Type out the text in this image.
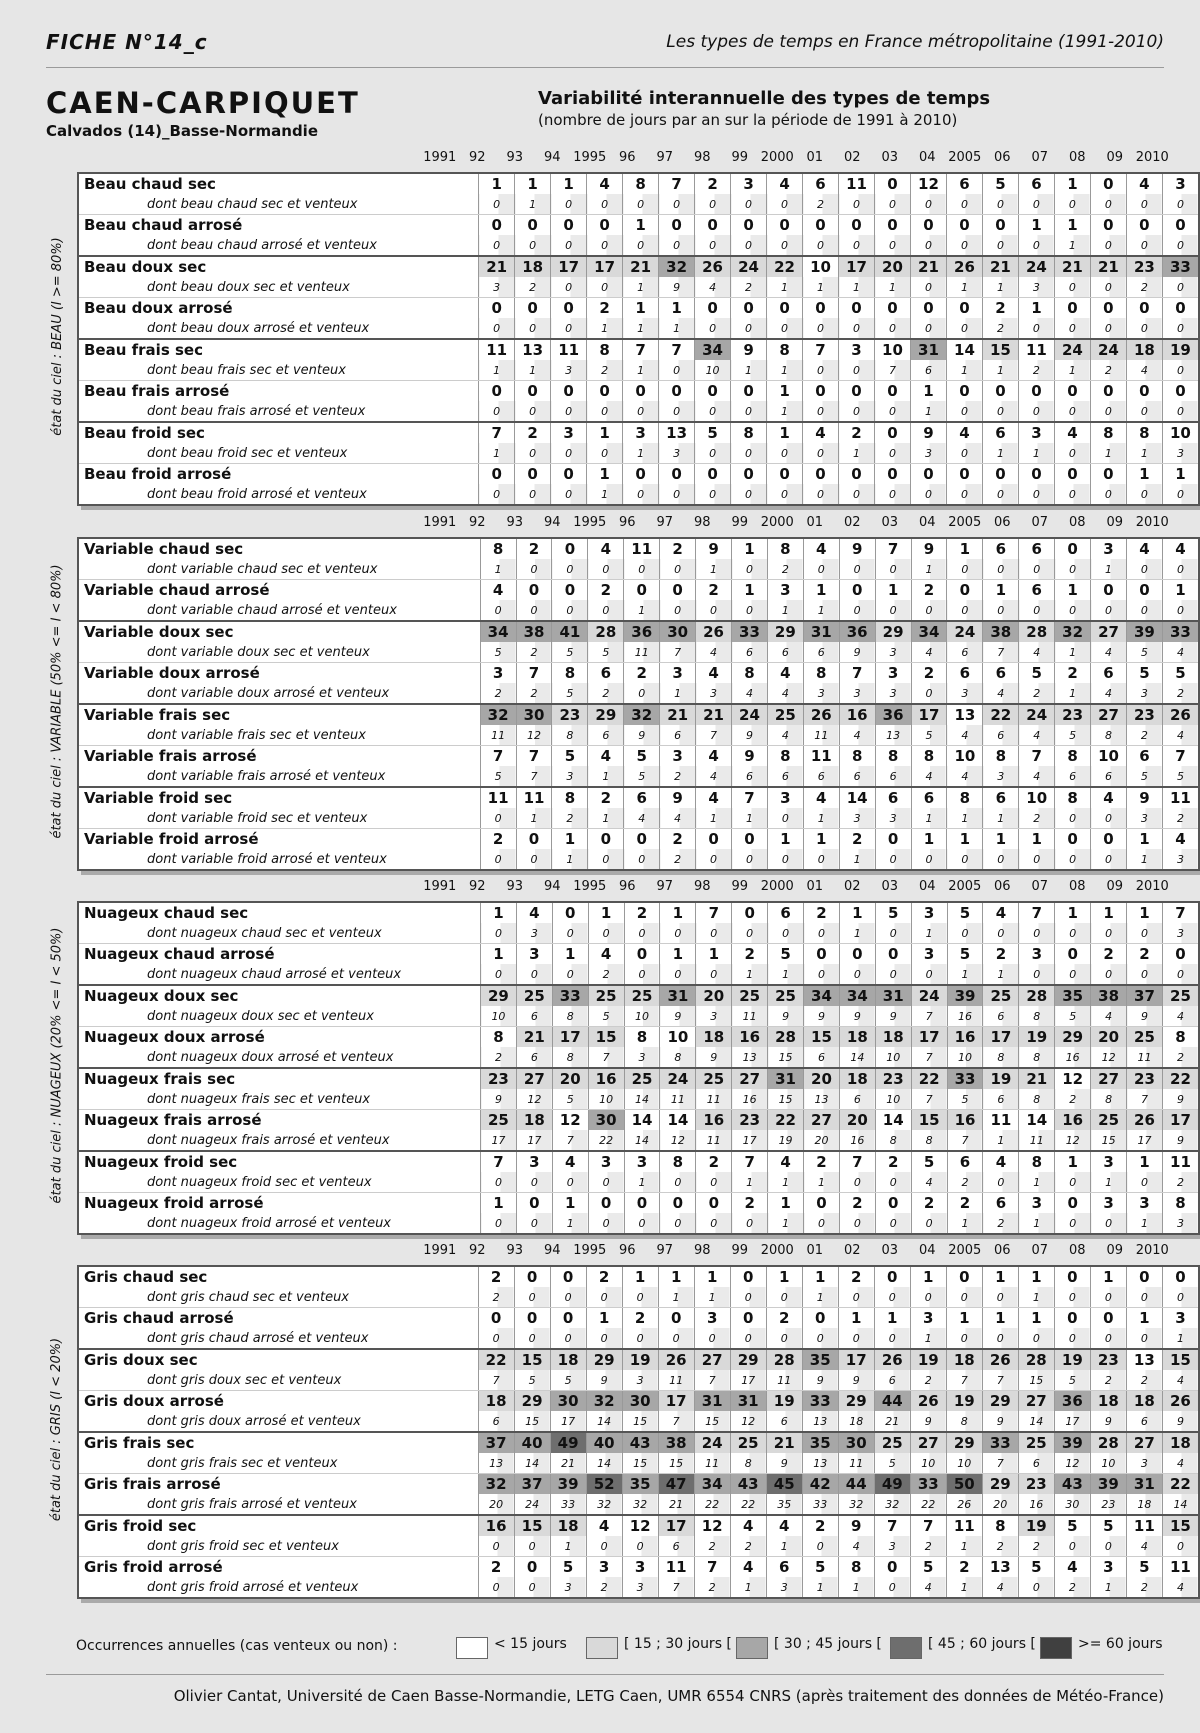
FICHE N°14_c	Les types de temps en France métropolitaine (1991-2010)
CAEN-CARPIQUET
Calvados (14)_Basse-Normandie
Variabilité interannuelle des types de temps
(nombre de jours par an sur la période de 1991 à 2010)
1991 92	93	94 1995 96	97	98	99 2000 01	02	03	04 2005 06	07	08	09 2010
état du ciel : BEAU (I >= 80%)
Beau chaud sec	1	1	1	4	8	7	2	3	4	6	11	0	12	6	5	6	1	0	4	3
dont beau chaud sec et venteux	0	1	0	0	0	0	0	0	0	2	0	0	0	0	0	0	0	0	0	0
Beau chaud arrosé	0	0	0	0	1	0	0	0	0	0	0	0	0	0	0	1	1	0	0	0
dont beau chaud arrosé et venteux	0	0	0	0	0	0	0	0	0	0	0	0	0	0	0	0	1	0	0	0
Beau doux sec	21	18	17	17	21	32	26	24	22	10	17	20	21	26	21	24	21	21	23	33
dont beau doux sec et venteux	3	2	0	0	1	9	4	2	1	1	1	1	0	1	1	3	0	0	2	0
Beau doux arrosé	0	0	0	2	1	1	0	0	0	0	0	0	0	0	2	1	0	0	0	0
dont beau doux arrosé et venteux	0	0	0	1	1	1	0	0	0	0	0	0	0	0	2	0	0	0	0	0
Beau frais sec	11	13	11	8	7	7	34	9	8	7	3	10	31	14	15	11	24	24	18	19
dont beau frais sec et venteux	1	1	3	2	1	0	10	1	1	0	0	7	6	1	1	2	1	2	4	0
Beau frais arrosé	0	0	0	0	0	0	0	0	1	0	0	0	1	0	0	0	0	0	0	0
dont beau frais arrosé et venteux	0	0	0	0	0	0	0	0	1	0	0	0	1	0	0	0	0	0	0	0
Beau froid sec	7	2	3	1	3	13	5	8	1	4	2	0	9	4	6	3	4	8	8	10
dont beau froid sec et venteux	1	0	0	0	1	3	0	0	0	0	1	0	3	0	1	1	0	1	1	3
Beau froid arrosé	0	0	0	1	0	0	0	0	0	0	0	0	0	0	0	0	0	0	1	1
dont beau froid arrosé et venteux	0	0	0	1	0	0	0	0	0	0	0	0	0	0	0	0	0	0	0	0
1991 92	93	94 1995 96	97	98	99 2000 01	02	03	04 2005 06	07	08	09 2010
état du ciel : VARIABLE (50% <= I < 80%)
Variable chaud sec	8	2	0	4	11	2	9	1	8	4	9	7	9	1	6	6	0	3	4	4
dont variable chaud sec et venteux	1	0	0	0	0	0	1	0	2	0	0	0	1	0	0	0	0	1	0	0
Variable chaud arrosé	4	0	0	2	0	0	2	1	3	1	0	1	2	0	1	6	1	0	0	1
dont variable chaud arrosé et venteux	0	0	0	0	1	0	0	0	1	1	0	0	0	0	0	0	0	0	0	0
Variable doux sec	34	38	41	28	36	30	26	33	29	31	36	29	34	24	38	28	32	27	39	33
dont variable doux sec et venteux	5	2	5	5	11	7	4	6	6	6	9	3	4	6	7	4	1	4	5	4
Variable doux arrosé	3	7	8	6	2	3	4	8	4	8	7	3	2	6	6	5	2	6	5	5
dont variable doux arrosé et venteux	2	2	5	2	0	1	3	4	4	3	3	3	0	3	4	2	1	4	3	2
Variable frais sec	32	30	23	29	32	21	21	24	25	26	16	36	17	13	22	24	23	27	23	26
dont variable frais sec et venteux	11	12	8	6	9	6	7	9	4	11	4	13	5	4	6	4	5	8	2	4
Variable frais arrosé	7	7	5	4	5	3	4	9	8	11	8	8	8	10	8	7	8	10	6	7
dont variable frais arrosé et venteux	5	7	3	1	5	2	4	6	6	6	6	6	4	4	3	4	6	6	5	5
Variable froid sec	11	11	8	2	6	9	4	7	3	4	14	6	6	8	6	10	8	4	9	11
dont variable froid sec et venteux	0	1	2	1	4	4	1	1	0	1	3	3	1	1	1	2	0	0	3	2
Variable froid arrosé	2	0	1	0	0	2	0	0	1	1	2	0	1	1	1	1	0	0	1	4
dont variable froid arrosé et venteux	0	0	1	0	0	2	0	0	0	0	1	0	0	0	0	0	0	0	1	3
1991 92	93	94 1995 96	97	98	99 2000 01	02	03	04 2005 06	07	08	09 2010
état du ciel : NUAGEUX (20% <= I < 50%)
Nuageux chaud sec	1	4	0	1	2	1	7	0	6	2	1	5	3	5	4	7	1	1	1	7
dont nuageux chaud sec et venteux	0	3	0	0	0	0	0	0	0	0	1	0	1	0	0	0	0	0	0	3
Nuageux chaud arrosé	1	3	1	4	0	1	1	2	5	0	0	0	3	5	2	3	0	2	2	0
dont nuageux chaud arrosé et venteux	0	0	0	2	0	0	0	1	1	0	0	0	0	1	1	0	0	0	0	0
Nuageux doux sec	29	25	33	25	25	31	20	25	25	34	34	31	24	39	25	28	35	38	37	25
dont nuageux doux sec et venteux	10	6	8	5	10	9	3	11	9	9	9	9	7	16	6	8	5	4	9	4
Nuageux doux arrosé	8	21	17	15	8	10	18	16	28	15	18	18	17	16	17	19	29	20	25	8
dont nuageux doux arrosé et venteux	2	6	8	7	3	8	9	13	15	6	14	10	7	10	8	8	16	12	11	2
Nuageux frais sec	23	27	20	16	25	24	25	27	31	20	18	23	22	33	19	21	12	27	23	22
dont nuageux frais sec et venteux	9	12	5	10	14	11	11	16	15	13	6	10	7	5	6	8	2	8	7	9
Nuageux frais arrosé	25	18	12	30	14	14	16	23	22	27	20	14	15	16	11	14	16	25	26	17
dont nuageux frais arrosé et venteux	17	17	7	22	14	12	11	17	19	20	16	8	8	7	1	11	12	15	17	9
Nuageux froid sec	7	3	4	3	3	8	2	7	4	2	7	2	5	6	4	8	1	3	1	11
dont nuageux froid sec et venteux	0	0	0	0	1	0	0	1	1	1	0	0	4	2	0	1	0	1	0	2
Nuageux froid arrosé	1	0	1	0	0	0	0	2	1	0	2	0	2	2	6	3	0	3	3	8
dont nuageux froid arrosé et venteux	0	0	1	0	0	0	0	0	1	0	0	0	0	1	2	1	0	0	1	3
1991 92	93	94 1995 96	97	98	99 2000 01	02	03	04 2005 06	07	08	09 2010
état du ciel : GRIS (I < 20%)
Gris chaud sec	2	0	0	2	1	1	1	0	1	1	2	0	1	0	1	1	0	1	0	0
dont gris chaud sec et venteux	2	0	0	0	0	1	1	0	0	1	0	0	0	0	0	1	0	0	0	0
Gris chaud arrosé	0	0	0	1	2	0	3	0	2	0	1	1	3	1	1	1	0	0	1	3
dont gris chaud arrosé et venteux	0	0	0	0	0	0	0	0	0	0	0	0	1	0	0	0	0	0	0	1
Gris doux sec	22	15	18	29	19	26	27	29	28	35	17	26	19	18	26	28	19	23	13	15
dont gris doux sec et venteux	7	5	5	9	3	11	7	17	11	9	9	6	2	7	7	15	5	2	2	4
Gris doux arrosé	18	29	30	32	30	17	31	31	19	33	29	44	26	19	29	27	36	18	18	26
dont gris doux arrosé et venteux	6	15	17	14	15	7	15	12	6	13	18	21	9	8	9	14	17	9	6	9
Gris frais sec	37	40	49	40	43	38	24	25	21	35	30	25	27	29	33	25	39	28	27	18
dont gris frais sec et venteux	13	14	21	14	15	15	11	8	9	13	11	5	10	10	7	6	12	10	3	4
Gris frais arrosé	32	37	39	52	35	47	34	43	45	42	44	49	33	50	29	23	43	39	31	22
dont gris frais arrosé et venteux	20	24	33	32	32	21	22	22	35	33	32	32	22	26	20	16	30	23	18	14
Gris froid sec	16	15	18	4	12	17	12	4	4	2	9	7	7	11	8	19	5	5	11	15
dont gris froid sec et venteux	0	0	1	0	0	6	2	2	1	0	4	3	2	1	2	2	0	0	4	0
Gris froid arrosé	2	0	5	3	3	11	7	4	6	5	8	0	5	2	13	5	4	3	5	11
dont gris froid arrosé et venteux	0	0	3	2	3	7	2	1	3	1	1	0	4	1	4	0	2	1	2	4
Occurrences annuelles (cas venteux ou non) :	< 15 jours	[ 15 ; 30 jours [	[ 30 ; 45 jours [	[ 45 ; 60 jours [	>= 60 jours
Olivier Cantat, Université de Caen Basse-Normandie, LETG Caen, UMR 6554 CNRS (après traitement des données de Météo-France)
